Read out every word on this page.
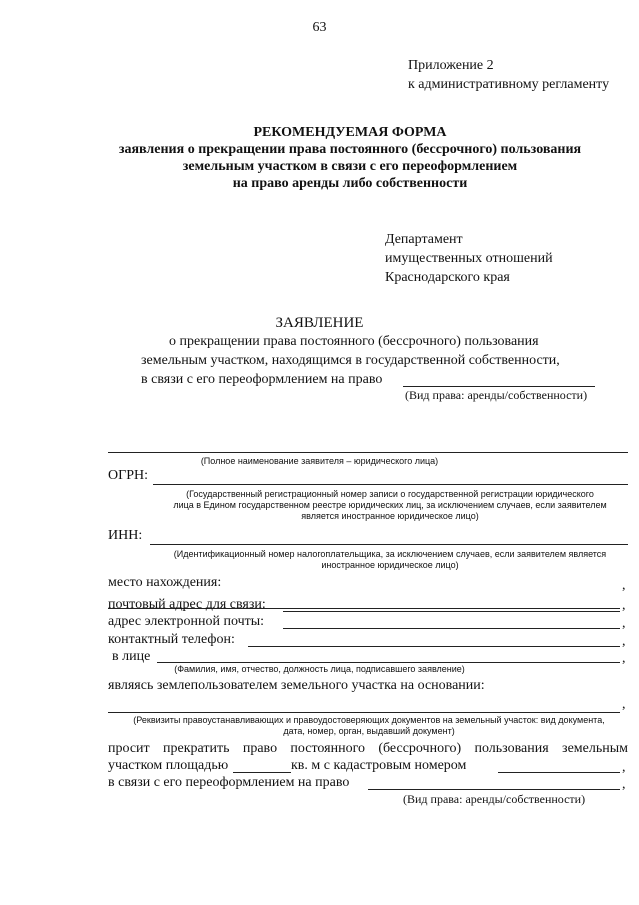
63
Приложение 2
к административному регламенту
РЕКОМЕНДУЕМАЯ ФОРМА
заявления о прекращении права постоянного (бессрочного) пользования
земельным участком в связи с его переоформлением
на право аренды либо собственности
Департамент
имущественных отношений
Краснодарского края
ЗАЯВЛЕНИЕ
о прекращении права постоянного (бессрочного) пользования
земельным участком, находящимся в государственной собственности,
в связи с его переоформлением на право
(Вид права: аренды/собственности)
(Полное наименование заявителя – юридического лица)
ОГРН:
(Государственный регистрационный номер записи о государственной регистрации юридического
лица в Едином государственном реестре юридических лиц, за исключением случаев, если заявителем
является иностранное юридическое лицо)
ИНН:
(Идентификационный номер налогоплательщика, за исключением случаев, если заявителем является
иностранное юридическое лицо)
место нахождения:	,
почтовый адрес для связи:	,
адрес электронной почты:	,
контактный телефон:	,
в лице	,
(Фамилия, имя, отчество, должность лица, подписавшего заявление)
являясь землепользователем земельного участка на основании:
,
(Реквизиты правоустанавливающих и правоудостоверяющих документов на земельный участок: вид документа,
дата, номер, орган, выдавший документ)
просит прекратить право постоянного (бессрочного) пользования земельным
участком площадью	кв. м с кадастровым номером	,
в связи с его переоформлением на право	,
(Вид права: аренды/собственности)
